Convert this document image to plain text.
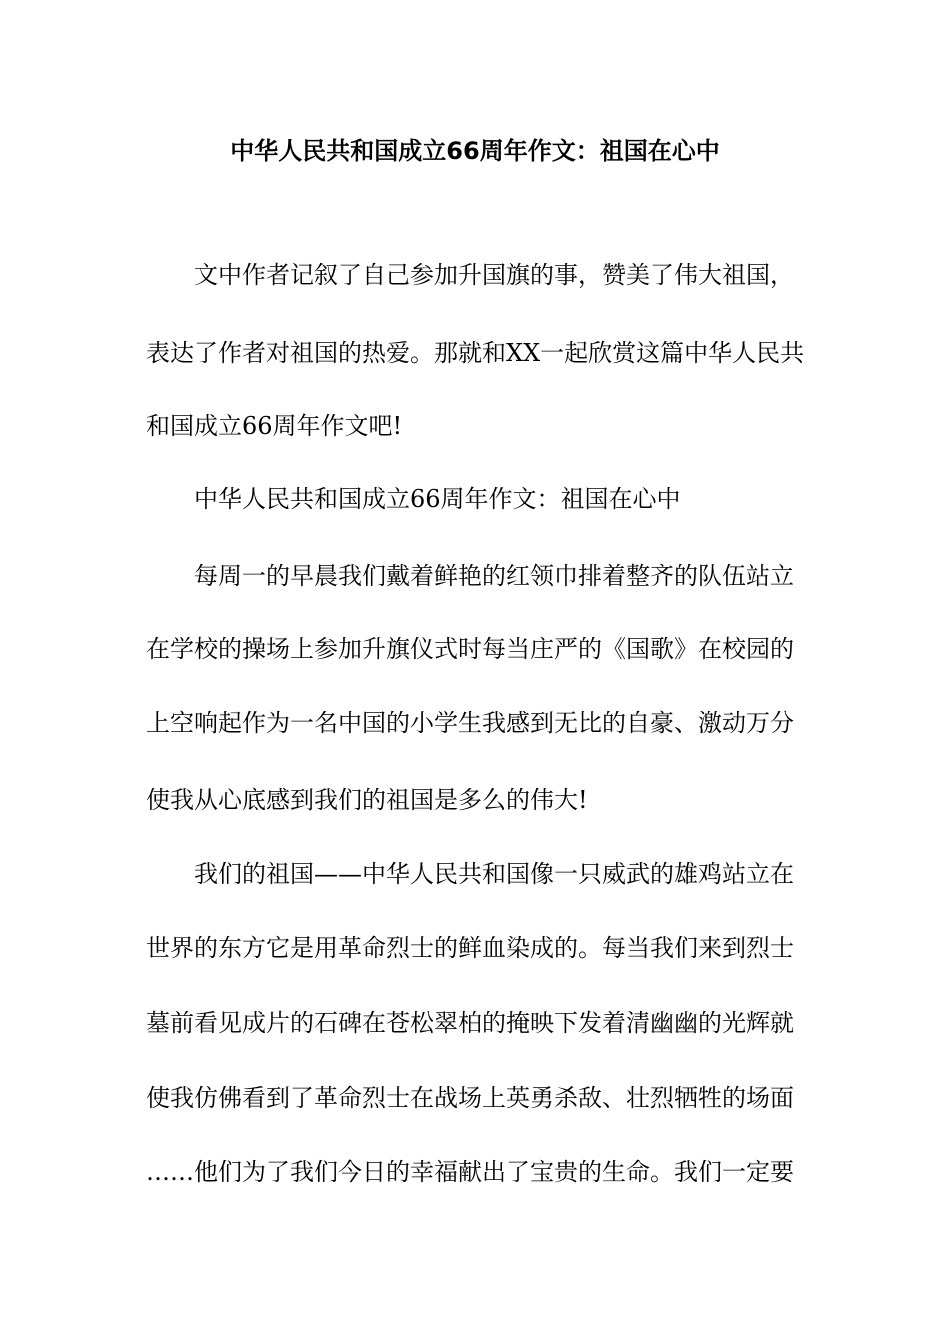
中华人民共和国成立66周年作文：祖国在心中
文中作者记叙了自己参加升国旗的事，赞美了伟大祖国，
表达了作者对祖国的热爱。那就和XX一起欣赏这篇中华人民共
和国成立66周年作文吧!
中华人民共和国成立66周年作文：祖国在心中
每周一的早晨我们戴着鲜艳的红领巾排着整齐的队伍站立
在学校的操场上参加升旗仪式时每当庄严的《国歌》在校园的
上空响起作为一名中国的小学生我感到无比的自豪、激动万分
使我从心底感到我们的祖国是多么的伟大!
我们的祖国——中华人民共和国像一只威武的雄鸡站立在
世界的东方它是用革命烈士的鲜血染成的。每当我们来到烈士
墓前看见成片的石碑在苍松翠柏的掩映下发着清幽幽的光辉就
使我仿佛看到了革命烈士在战场上英勇杀敌、壮烈牺牲的场面
……他们为了我们今日的幸福献出了宝贵的生命。我们一定要
